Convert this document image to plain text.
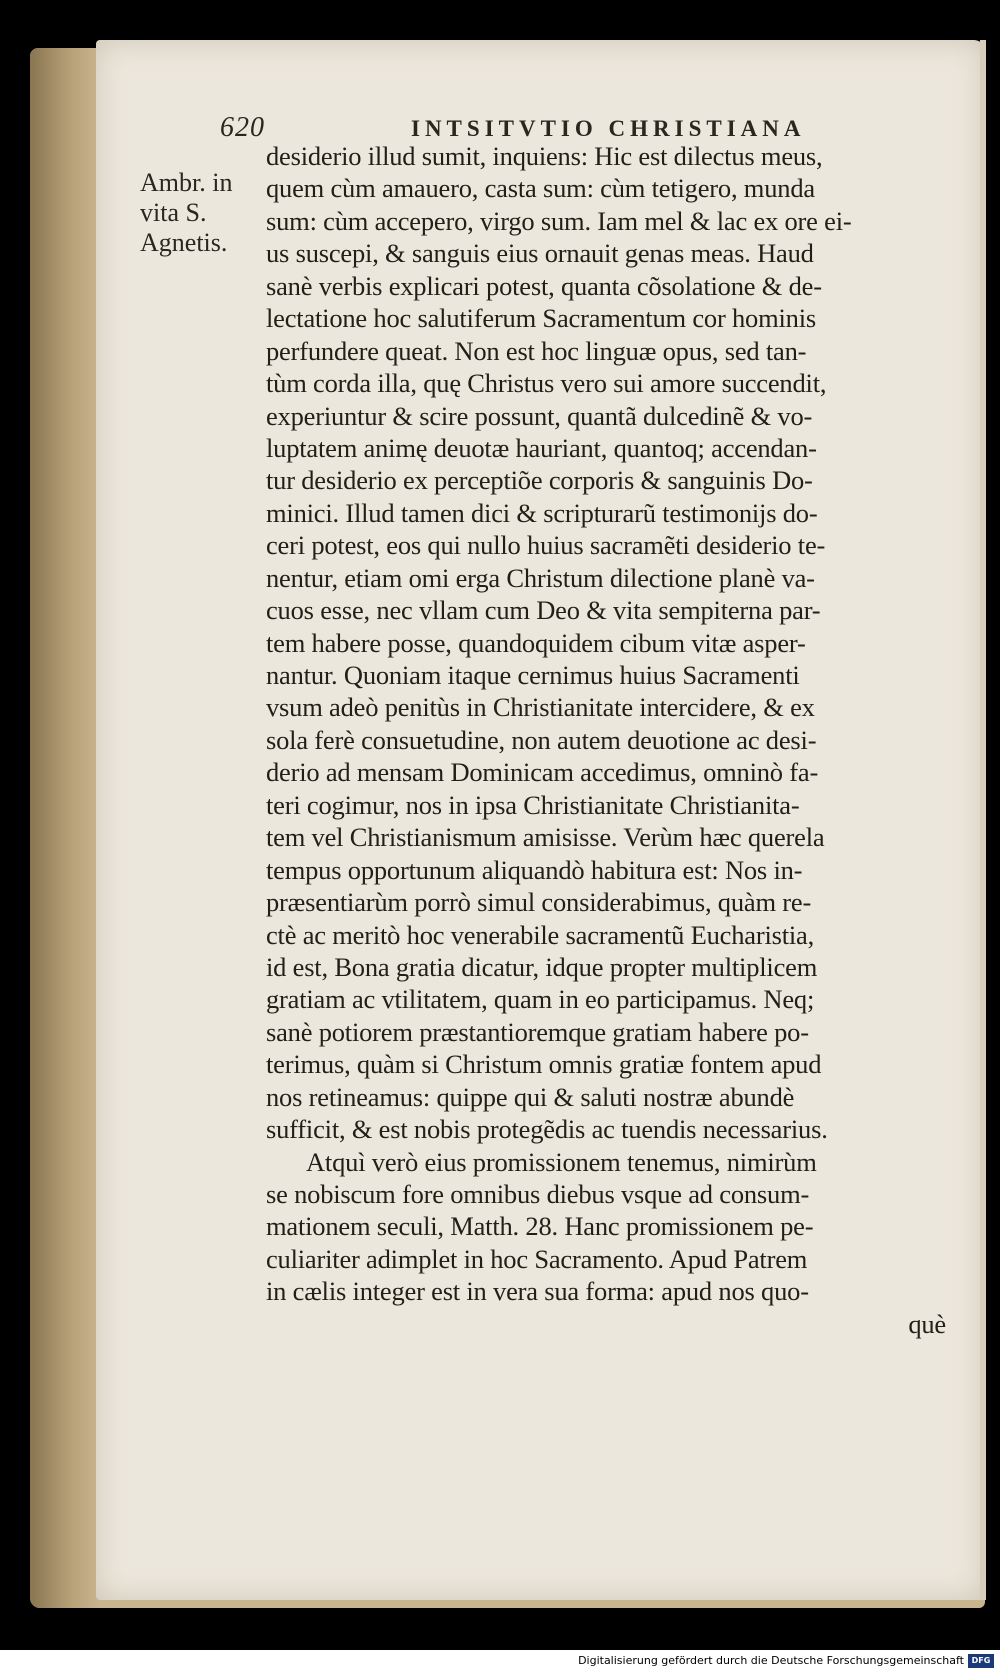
620	INTSITVTIO CHRISTIANA
Ambr. in
vita S.
Agnetis.
desiderio illud sumit, inquiens: Hic est dilectus meus,
quem cùm amauero, casta sum: cùm tetigero, munda
sum: cùm accepero, virgo sum. Iam mel & lac ex ore ei-
us suscepi, & sanguis eius ornauit genas meas. Haud
sanè verbis explicari potest, quanta cõsolatione & de-
lectatione hoc salutiferum Sacramentum cor hominis
perfundere queat. Non est hoc linguæ opus, sed tan-
tùm corda illa, quę Christus vero sui amore succendit,
experiuntur & scire possunt, quantã dulcedinẽ & vo-
luptatem animę deuotæ hauriant, quantoq; accendan-
tur desiderio ex perceptiõe corporis & sanguinis Do-
minici. Illud tamen dici & scripturarũ testimonijs do-
ceri potest, eos qui nullo huius sacramẽti desiderio te-
nentur, etiam omi erga Christum dilectione planè va-
cuos esse, nec vllam cum Deo & vita sempiterna par-
tem habere posse, quandoquidem cibum vitæ asper-
nantur. Quoniam itaque cernimus huius Sacramenti
vsum adeò penitùs in Christianitate intercidere, & ex
sola ferè consuetudine, non autem deuotione ac desi-
derio ad mensam Dominicam accedimus, omninò fa-
teri cogimur, nos in ipsa Christianitate Christianita-
tem vel Christianismum amisisse. Verùm hæc querela
tempus opportunum aliquandò habitura est: Nos in-
præsentiarùm porrò simul considerabimus, quàm re-
ctè ac meritò hoc venerabile sacramentũ Eucharistia,
id est, Bona gratia dicatur, idque propter multiplicem
gratiam ac vtilitatem, quam in eo participamus. Neq;
sanè potiorem præstantioremque gratiam habere po-
terimus, quàm si Christum omnis gratiæ fontem apud
nos retineamus: quippe qui & saluti nostræ abundè
sufficit, & est nobis protegẽdis ac tuendis necessarius.
Atquì verò eius promissionem tenemus, nimirùm
se nobiscum fore omnibus diebus vsque ad consum-
mationem seculi, Matth. 28. Hanc promissionem pe-
culiariter adimplet in hoc Sacramento. Apud Patrem
in cælis integer est in vera sua forma: apud nos quo-
què
Digitalisierung gefördert durch die Deutsche Forschungsgemeinschaft DFG
